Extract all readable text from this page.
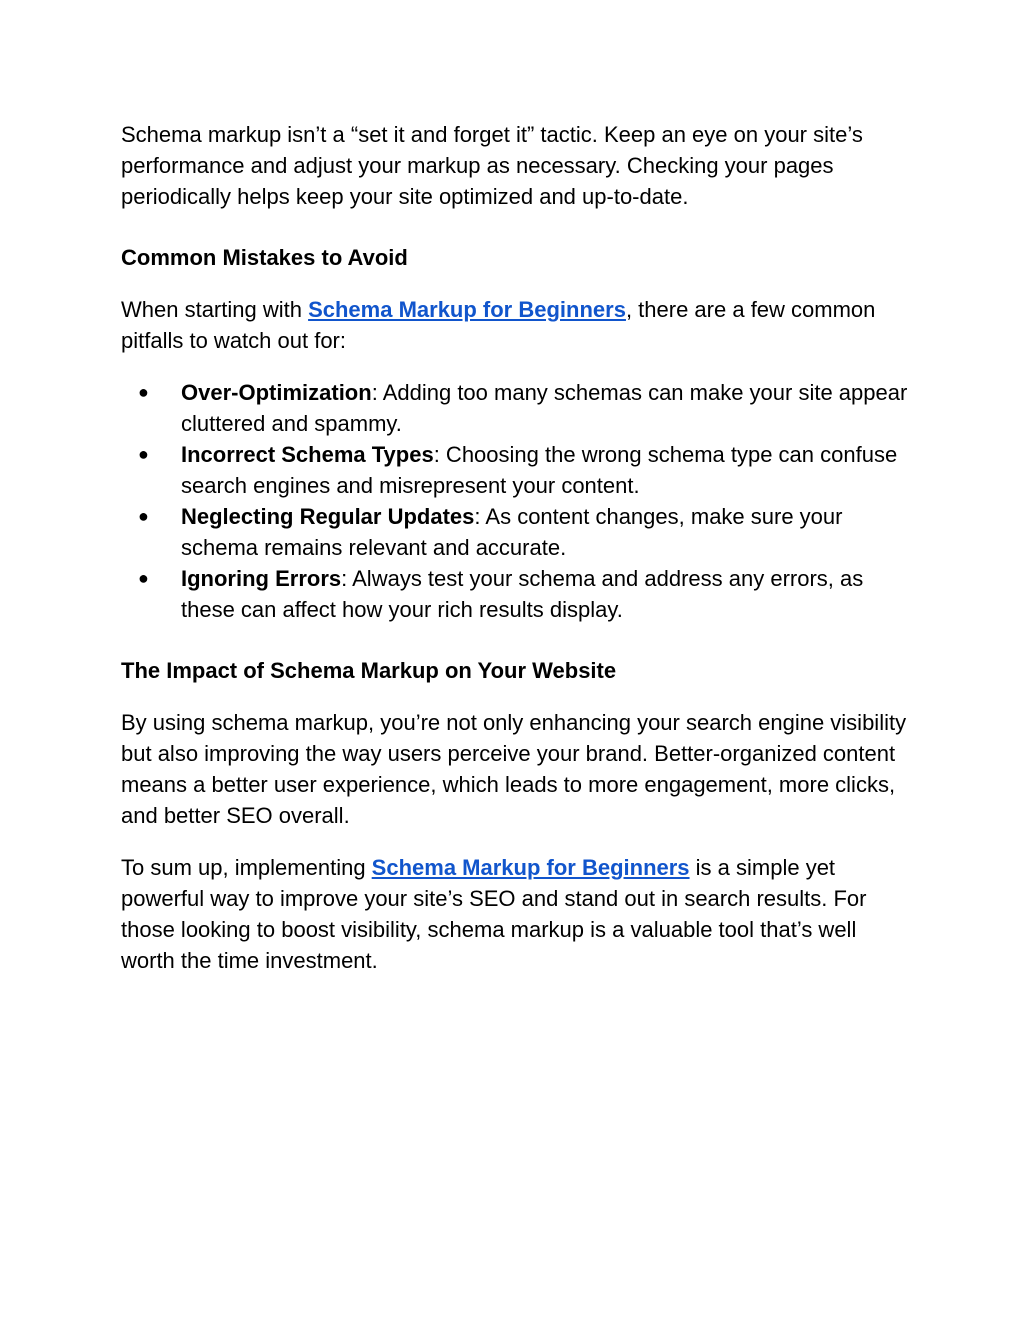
Schema markup isn’t a “set it and forget it” tactic. Keep an eye on your site’s performance and adjust your markup as necessary. Checking your pages periodically helps keep your site optimized and up-to-date.

Common Mistakes to Avoid

When starting with Schema Markup for Beginners, there are a few common pitfalls to watch out for:

● Over-Optimization: Adding too many schemas can make your site appear cluttered and spammy.
● Incorrect Schema Types: Choosing the wrong schema type can confuse search engines and misrepresent your content.
● Neglecting Regular Updates: As content changes, make sure your schema remains relevant and accurate.
● Ignoring Errors: Always test your schema and address any errors, as these can affect how your rich results display.
The Impact of Schema Markup on Your Website

By using schema markup, you’re not only enhancing your search engine visibility but also improving the way users perceive your brand. Better-organized content means a better user experience, which leads to more engagement, more clicks, and better SEO overall.

To sum up, implementing Schema Markup for Beginners is a simple yet powerful way to improve your site’s SEO and stand out in search results. For those looking to boost visibility, schema markup is a valuable tool that’s well worth the time investment.
